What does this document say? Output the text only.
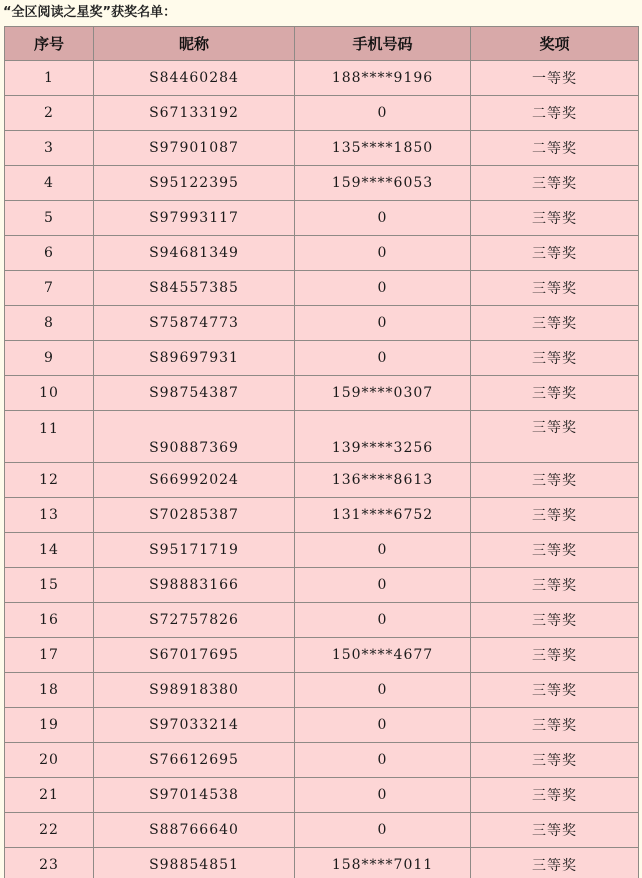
“全区阅读之星奖”获奖名单：
序号	昵称	手机号码	奖项
1	S84460284	188****9196	一等奖
2	S67133192	0	二等奖
3	S97901087	135****1850	二等奖
4	S95122395	159****6053	三等奖
5	S97993117	0	三等奖
6	S94681349	0	三等奖
7	S84557385	0	三等奖
8	S75874773	0	三等奖
9	S89697931	0	三等奖
10	S98754387	159****0307	三等奖
11	S90887369	139****3256	三等奖
12	S66992024	136****8613	三等奖
13	S70285387	131****6752	三等奖
14	S95171719	0	三等奖
15	S98883166	0	三等奖
16	S72757826	0	三等奖
17	S67017695	150****4677	三等奖
18	S98918380	0	三等奖
19	S97033214	0	三等奖
20	S76612695	0	三等奖
21	S97014538	0	三等奖
22	S88766640	0	三等奖
23	S98854851	158****7011	三等奖
